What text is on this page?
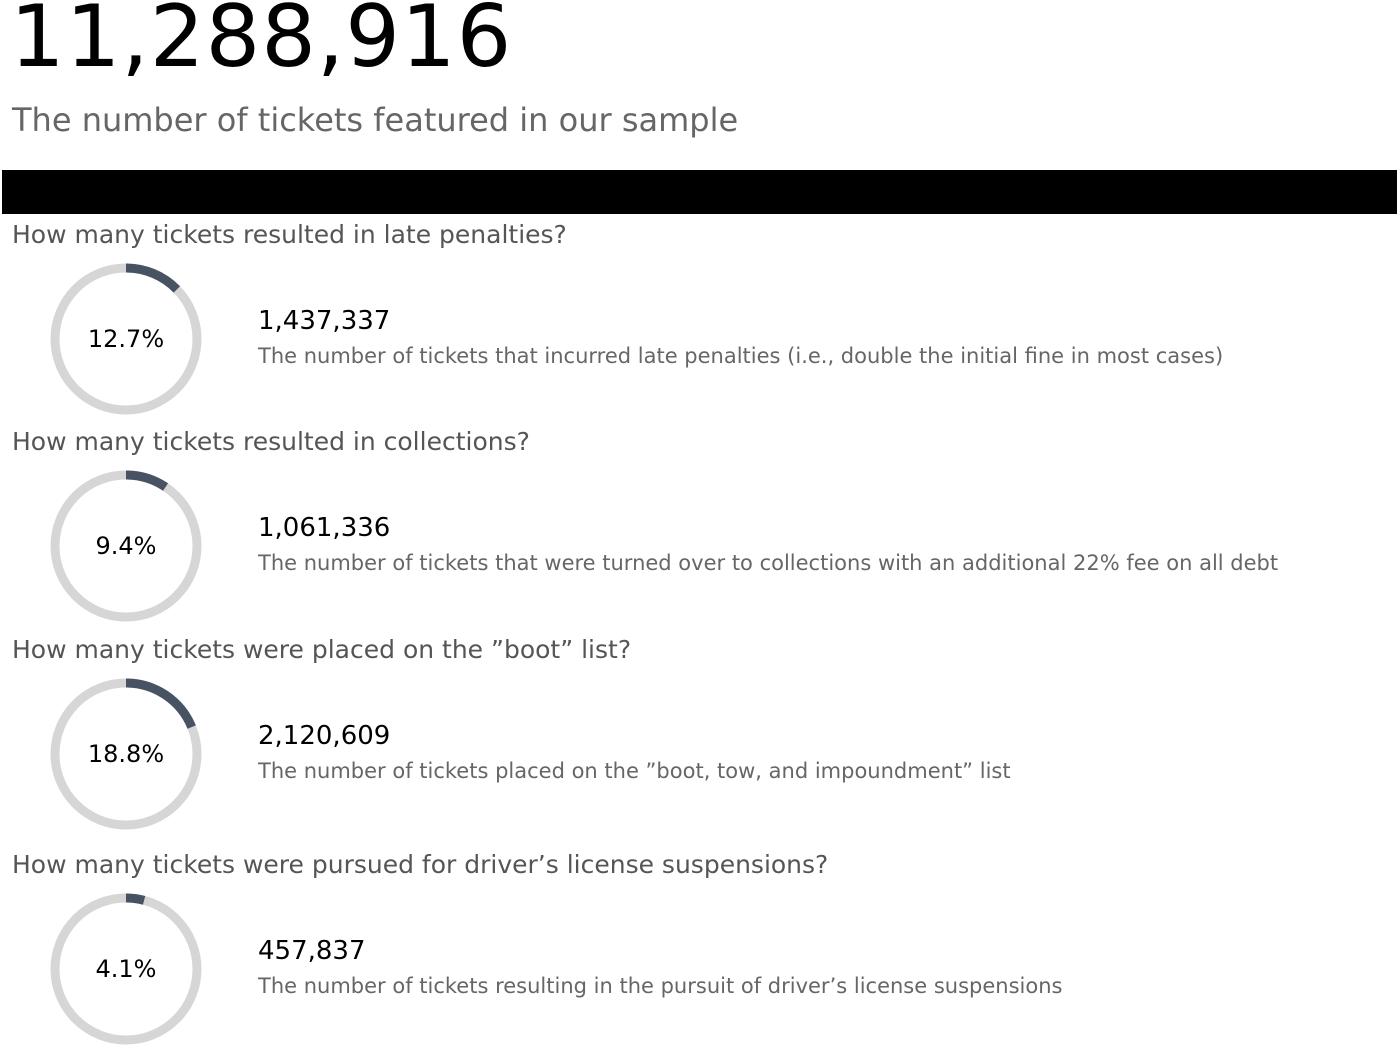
11,288,916
The number of tickets featured in our sample
How many tickets resulted in late penalties?
12.7%
1,437,337
The number of tickets that incurred late penalties (i.e., double the initial fine in most cases)
How many tickets resulted in collections?
9.4%
1,061,336
The number of tickets that were turned over to collections with an additional 22% fee on all debt
How many tickets were placed on the ”boot” list?
18.8%
2,120,609
The number of tickets placed on the ”boot, tow, and impoundment” list
How many tickets were pursued for driver’s license suspensions?
4.1%
457,837
The number of tickets resulting in the pursuit of driver’s license suspensions
